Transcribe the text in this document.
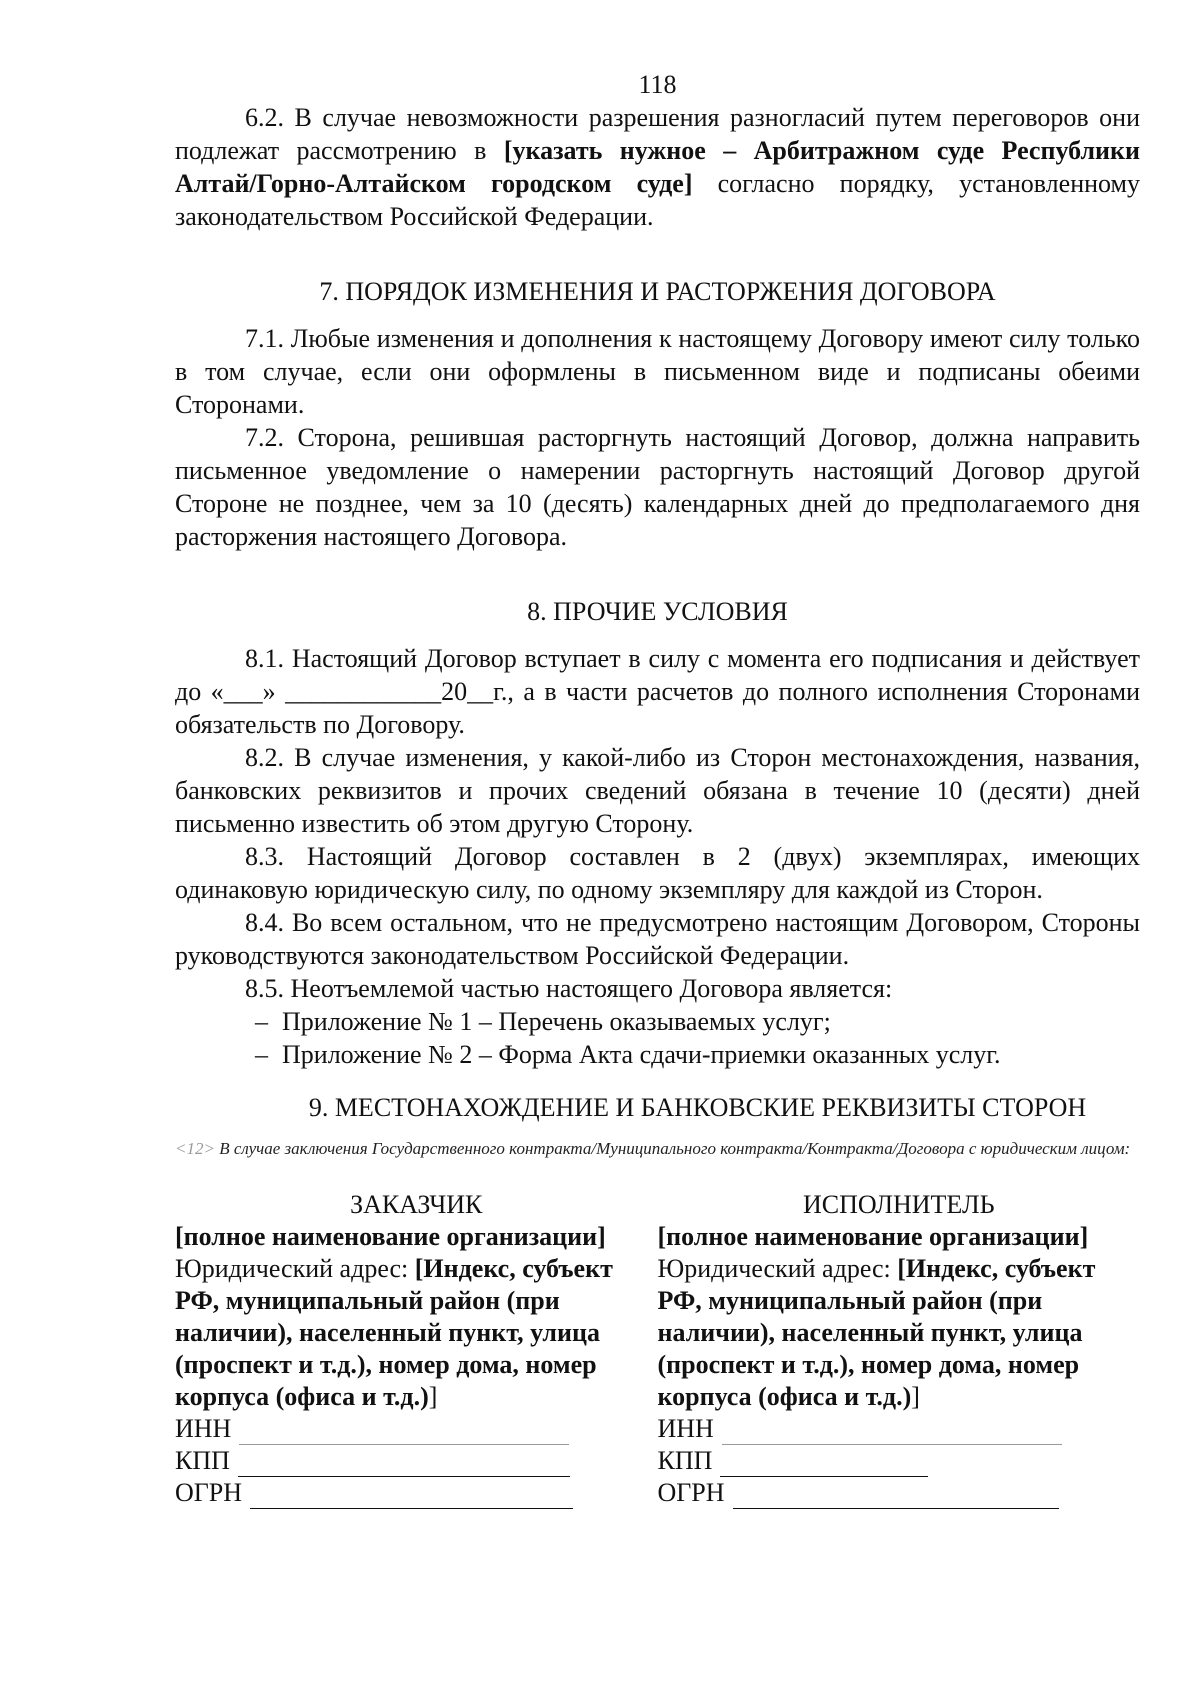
118

6.2. В случае невозможности разрешения разногласий путем переговоров они подлежат рассмотрению в [указать нужное – Арбитражном суде Республики Алтай/Горно-Алтайском городском суде] согласно порядку, установленному законодательством Российской Федерации.

7. ПОРЯДОК ИЗМЕНЕНИЯ И РАСТОРЖЕНИЯ ДОГОВОРА

7.1. Любые изменения и дополнения к настоящему Договору имеют силу только в том случае, если они оформлены в письменном виде и подписаны обеими Сторонами.

7.2. Сторона, решившая расторгнуть настоящий Договор, должна направить письменное уведомление о намерении расторгнуть настоящий Договор другой Стороне не позднее, чем за 10 (десять) календарных дней до предполагаемого дня расторжения настоящего Договора.

8. ПРОЧИЕ УСЛОВИЯ

8.1. Настоящий Договор вступает в силу с момента его подписания и действует до «___» ____________20__г., а в части расчетов до полного исполнения Сторонами обязательств по Договору.

8.2. В случае изменения, у какой-либо из Сторон местонахождения, названия, банковских реквизитов и прочих сведений обязана в течение 10 (десяти) дней письменно известить об этом другую Сторону.

8.3. Настоящий Договор составлен в 2 (двух) экземплярах, имеющих одинаковую юридическую силу, по одному экземпляру для каждой из Сторон.

8.4. Во всем остальном, что не предусмотрено настоящим Договором, Стороны руководствуются законодательством Российской Федерации.

8.5. Неотъемлемой частью настоящего Договора является:

– Приложение № 1 – Перечень оказываемых услуг;
– Приложение № 2 – Форма Акта сдачи-приемки оказанных услуг.
9. МЕСТОНАХОЖДЕНИЕ И БАНКОВСКИЕ РЕКВИЗИТЫ СТОРОН
<12> В случае заключения Государственного контракта/Муниципального контракта/Контракта/Договора с юридическим лицом:
ЗАКАЗЧИК
[полное наименование организации]
Юридический адрес: [Индекс, субъект РФ, муниципальный район (при наличии), населенный пункт, улица (проспект и т.д.), номер дома, номер корпуса (офиса и т.д.)]
ИНН
КПП
ОГРН
ИСПОЛНИТЕЛЬ
[полное наименование организации]
Юридический адрес: [Индекс, субъект РФ, муниципальный район (при наличии), населенный пункт, улица (проспект и т.д.), номер дома, номер корпуса (офиса и т.д.)]
ИНН
КПП
ОГРН
